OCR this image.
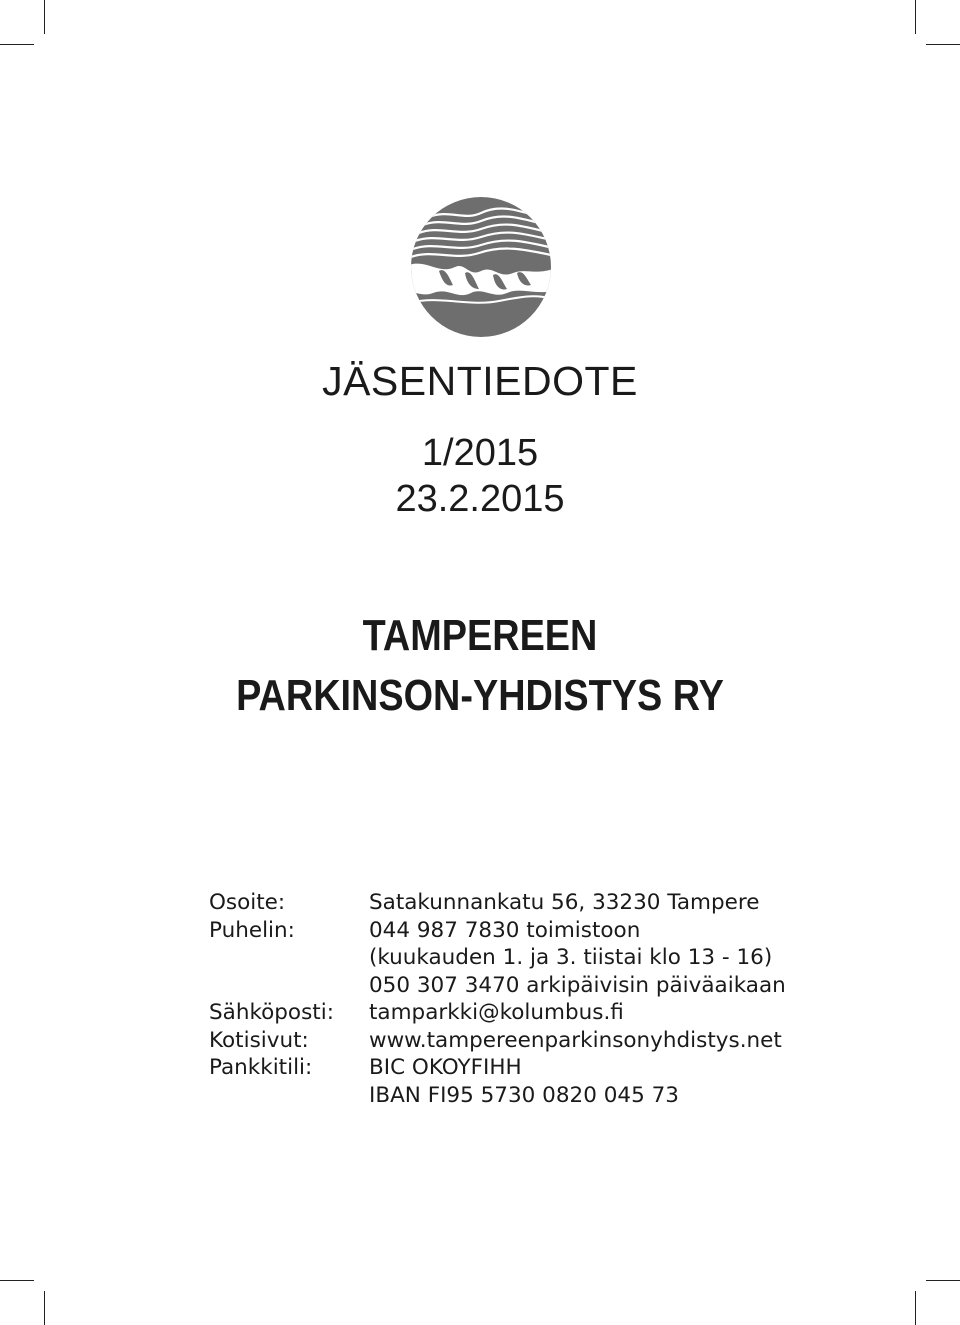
JÄSENTIEDOTE
1/2015
23.2.2015
TAMPEREEN
PARKINSON-YHDISTYS RY
Osoite:	Satakunnankatu 56, 33230 Tampere
Puhelin:	044 987 7830 toimistoon
(kuukauden 1. ja 3. tiistai klo 13 - 16)
050 307 3470 arkipäivisin päiväaikaan
Sähköposti:	tamparkki@kolumbus.fi
Kotisivut:	www.tampereenparkinsonyhdistys.net
Pankkitili:	BIC OKOYFIHH
IBAN FI95 5730 0820 045 73
